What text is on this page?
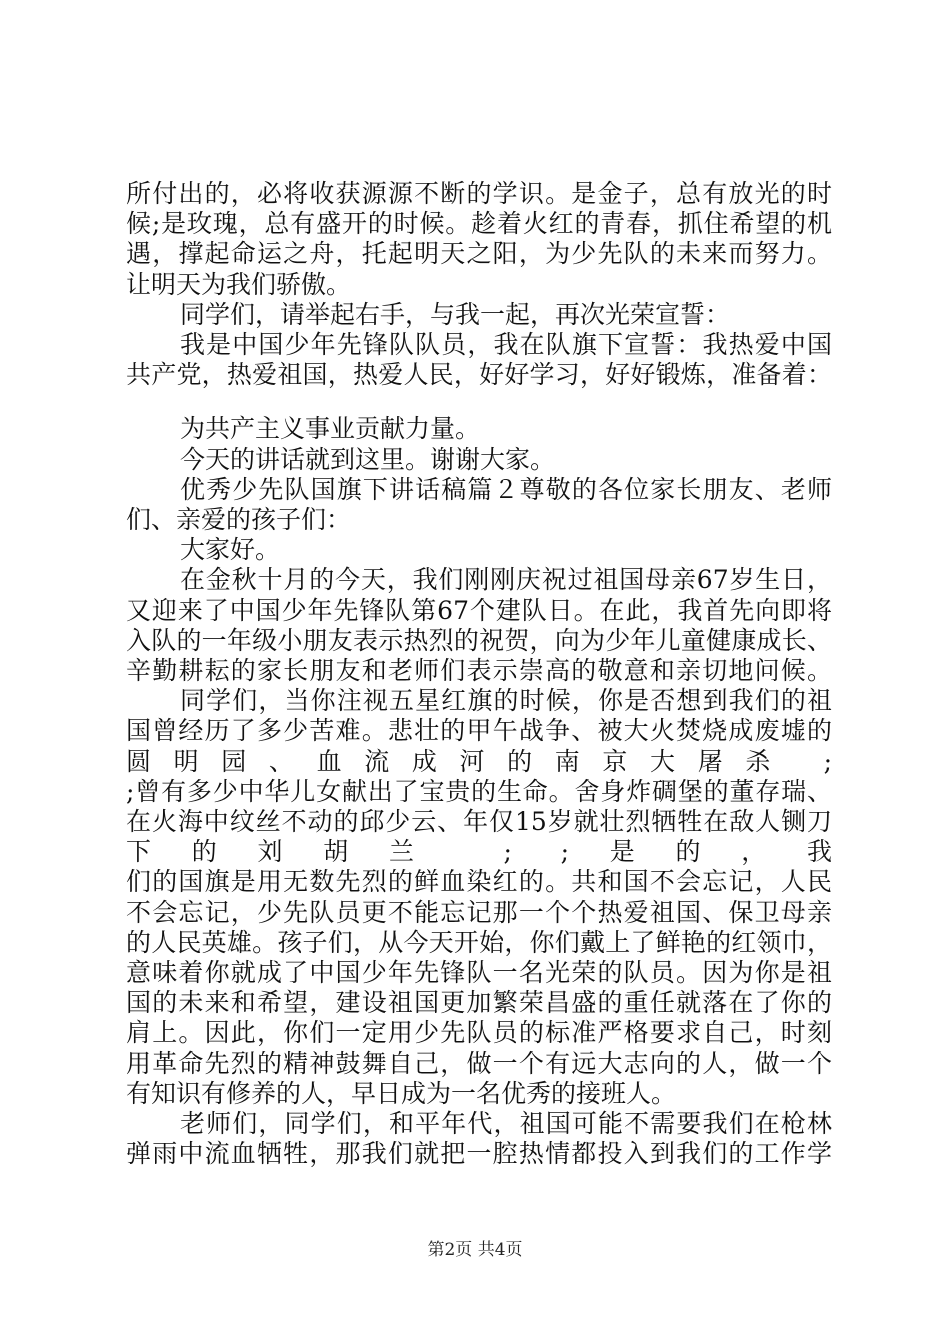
所付出的，必将收获源源不断的学识。是金子，总有放光的时
候;是玫瑰，总有盛开的时候。趁着火红的青春，抓住希望的机
遇，撑起命运之舟，托起明天之阳，为少先队的未来而努力。
让明天为我们骄傲。
同学们，请举起右手，与我一起，再次光荣宣誓：
我是中国少年先锋队队员，我在队旗下宣誓：我热爱中国
共产党，热爱祖国，热爱人民，好好学习，好好锻炼，准备着：
为共产主义事业贡献力量。
今天的讲话就到这里。谢谢大家。
优秀少先队国旗下讲话稿篇２尊敬的各位家长朋友、老师
们、亲爱的孩子们：
大家好。
在金秋十月的今天，我们刚刚庆祝过祖国母亲67岁生日，
又迎来了中国少年先锋队第67个建队日。在此，我首先向即将
入队的一年级小朋友表示热烈的祝贺，向为少年儿童健康成长、
辛勤耕耘的家长朋友和老师们表示崇高的敬意和亲切地问候。
同学们，当你注视五星红旗的时候，你是否想到我们的祖
国曾经历了多少苦难。悲壮的甲午战争、被大火焚烧成废墟的
圆明园、血流成河的南京大屠杀 ;
;曾有多少中华儿女献出了宝贵的生命。舍身炸碉堡的董存瑞、
在火海中纹丝不动的邱少云、年仅15岁就壮烈牺牲在敌人铡刀
下的刘胡兰 ; ;是的，我
们的国旗是用无数先烈的鲜血染红的。共和国不会忘记，人民
不会忘记，少先队员更不能忘记那一个个热爱祖国、保卫母亲
的人民英雄。孩子们，从今天开始，你们戴上了鲜艳的红领巾，
意味着你就成了中国少年先锋队一名光荣的队员。因为你是祖
国的未来和希望，建设祖国更加繁荣昌盛的重任就落在了你的
肩上。因此，你们一定用少先队员的标准严格要求自己，时刻
用革命先烈的精神鼓舞自己，做一个有远大志向的人，做一个
第2页 共4页
有知识有修养的人，早日成为一名优秀的接班人。
老师们，同学们，和平年代，祖国可能不需要我们在枪林
弹雨中流血牺牲，那我们就把一腔热情都投入到我们的工作学
